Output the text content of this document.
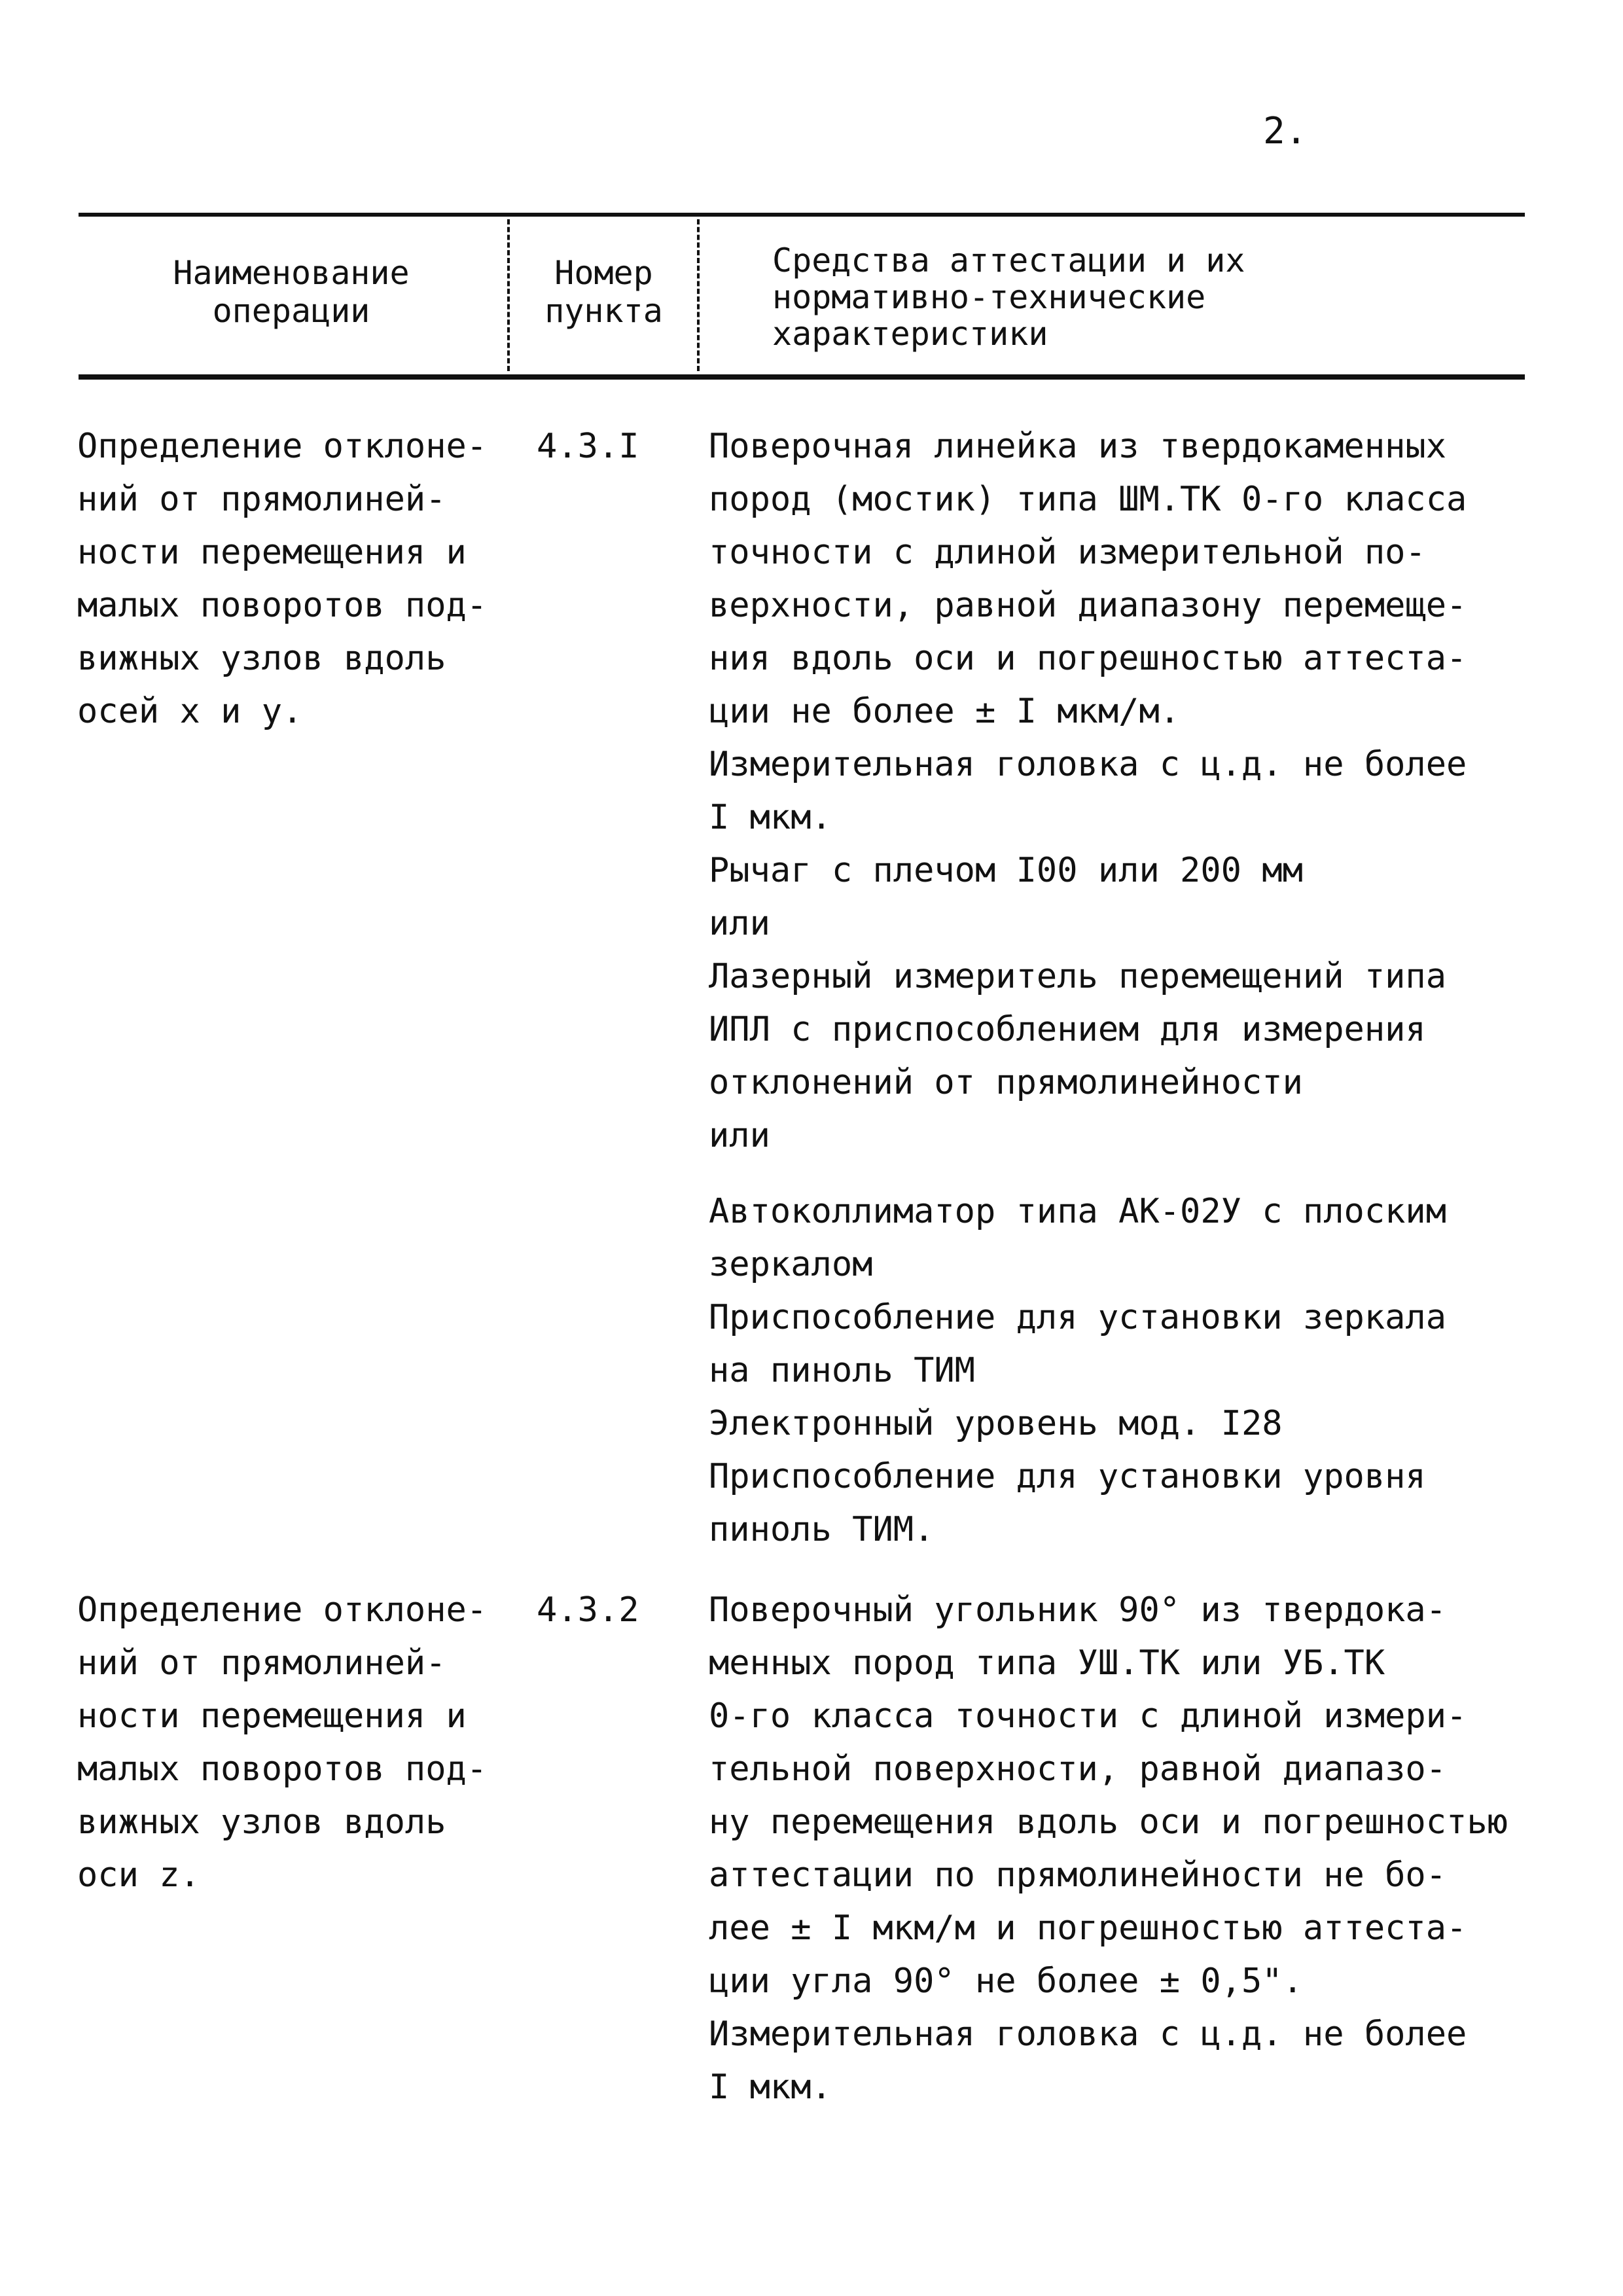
2.
Наименование
операции
Номер
пункта
Средства аттестации и их
нормативно-технические
характеристики
Определение отклоне-
ний от прямолиней-
ности перемещения и
малых поворотов под-
вижных узлов вдоль
осей x и y.
4.3.I Поверочная линейка из твердокаменных
пород (мостик) типа ШМ.ТК 0-го класса
точности с длиной измерительной по-
верхности, равной диапазону перемеще-
ния вдоль оси и погрешностью аттеста-
ции не более ± I мкм/м.
Измерительная головка с ц.д. не более
I мкм.
Рычаг с плечом I00 или 200 мм
или
Лазерный измеритель перемещений типа
ИПЛ с приспособлением для измерения
отклонений от прямолинейности
или
Автоколлиматор типа АК-02У с плоским
зеркалом
Приспособление для установки зеркала
на пиноль ТИМ
Электронный уровень мод. I28
Приспособление для установки уровня
пиноль ТИМ.
Определение отклоне-
ний от прямолиней-
ности перемещения и
малых поворотов под-
вижных узлов вдоль
оси z.
4.3.2 Поверочный угольник 90° из твердока-
менных пород типа УШ.ТК или УБ.ТК
0-го класса точности с длиной измери-
тельной поверхности, равной диапазо-
ну перемещения вдоль оси и погрешностью
аттестации по прямолинейности не бо-
лее ± I мкм/м и погрешностью аттеста-
ции угла 90° не более ± 0,5".
Измерительная головка с ц.д. не более
I мкм.
